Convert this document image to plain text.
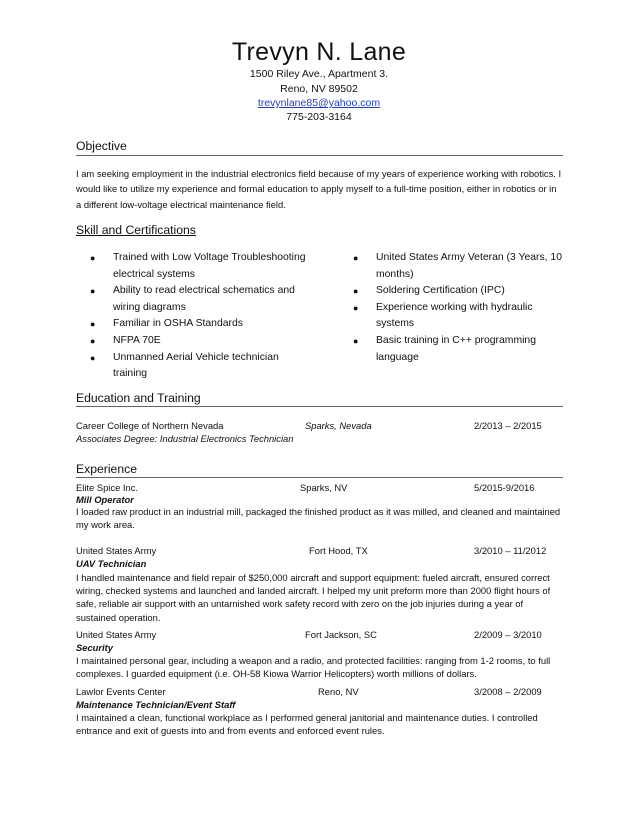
Trevyn N. Lane
1500 Riley Ave., Apartment 3.
Reno, NV 89502
trevynlane85@yahoo.com
775-203-3164
Objective
I am seeking employment in the industrial electronics field because of my years of experience working with robotics. I would like to utilize my experience and formal education to apply myself to a full-time position, either in robotics or in a different low-voltage electrical maintenance field.
Skill and Certifications
● Trained with Low Voltage Troubleshooting electrical systems
● Ability to read electrical schematics and wiring diagrams
● Familiar in OSHA Standards
● NFPA 70E
● Unmanned Aerial Vehicle technician training
● United States Army Veteran (3 Years, 10 months)
● Soldering Certification (IPC)
● Experience working with hydraulic systems
● Basic training in C++ programming language
Education and Training
Career College of Northern Nevada	Sparks, Nevada	2/2013 – 2/2015
Associates Degree: Industrial Electronics Technician
Experience
Elite Spice Inc.	Sparks, NV	5/2015-9/2016
Mill Operator
I loaded raw product in an industrial mill, packaged the finished product as it was milled, and cleaned and maintained my work area.
United States Army	Fort Hood, TX	3/2010 – 11/2012
UAV Technician
I handled maintenance and field repair of $250,000 aircraft and support equipment: fueled aircraft, ensured correct wiring, checked systems and launched and landed aircraft. I helped my unit preform more than 2000 flight hours of safe, reliable air support with an untarnished work safety record with zero on the job injuries during a year of sustained operation.
United States Army	Fort Jackson, SC	2/2009 – 3/2010
Security
I maintained personal gear, including a weapon and a radio, and protected facilities: ranging from 1-2 rooms, to full complexes. I guarded equipment (i.e. OH-58 Kiowa Warrior Helicopters) worth millions of dollars.
Lawlor Events Center	Reno, NV	3/2008 – 2/2009
Maintenance Technician/Event Staff
I maintained a clean, functional workplace as I performed general janitorial and maintenance duties. I controlled entrance and exit of guests into and from events and enforced event rules.
